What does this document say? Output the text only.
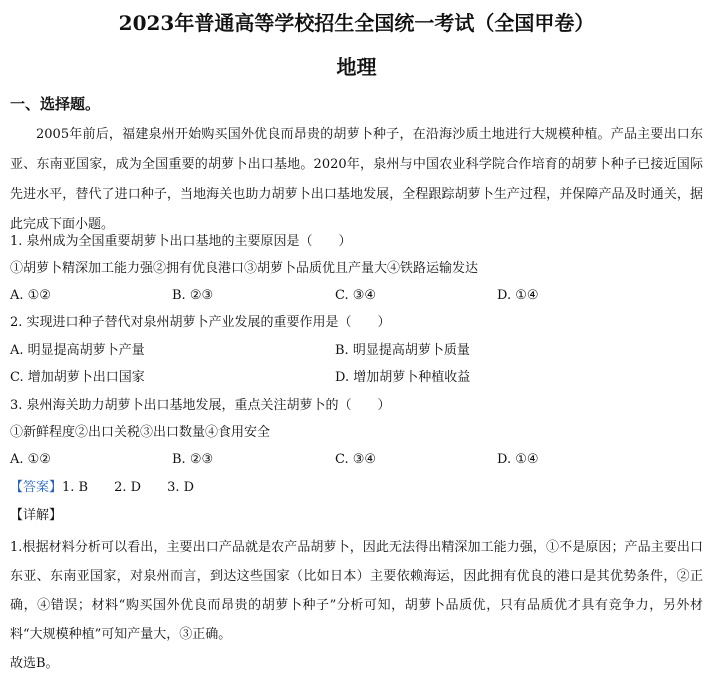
2023年普通高等学校招生全国统一考试（全国甲卷）
地理
一、选择题。
2005年前后，福建泉州开始购买国外优良而昂贵的胡萝卜种子，在沿海沙质土地进行大规模种植。产品主要出口东亚、东南亚国家，成为全国重要的胡萝卜出口基地。2020年，泉州与中国农业科学院合作培育的胡萝卜种子已接近国际先进水平，替代了进口种子，当地海关也助力胡萝卜出口基地发展，全程跟踪胡萝卜生产过程，并保障产品及时通关，据此完成下面小题。
1. 泉州成为全国重要胡萝卜出口基地的主要原因是（　　）
①胡萝卜精深加工能力强②拥有优良港口③胡萝卜品质优且产量大④铁路运输发达
A. ①②	B. ②③	C. ③④	D. ①④
2. 实现进口种子替代对泉州胡萝卜产业发展的重要作用是（　　）
A. 明显提高胡萝卜产量	B. 明显提高胡萝卜质量
C. 增加胡萝卜出口国家	D. 增加胡萝卜种植收益
3. 泉州海关助力胡萝卜出口基地发展，重点关注胡萝卜的（　　）
①新鲜程度②出口关税③出口数量④食用安全
A. ①②	B. ②③	C. ③④	D. ①④
【答案】1. B　　2. D　　3. D
【详解】
1.根据材料分析可以看出，主要出口产品就是农产品胡萝卜，因此无法得出精深加工能力强，①不是原因；产品主要出口东亚、东南亚国家，对泉州而言，到达这些国家（比如日本）主要依赖海运，因此拥有优良的港口是其优势条件，②正确，④错误；材料“购买国外优良而昂贵的胡萝卜种子”分析可知，胡萝卜品质优，只有品质优才具有竞争力，另外材料“大规模种植”可知产量大，③正确。
故选B。
